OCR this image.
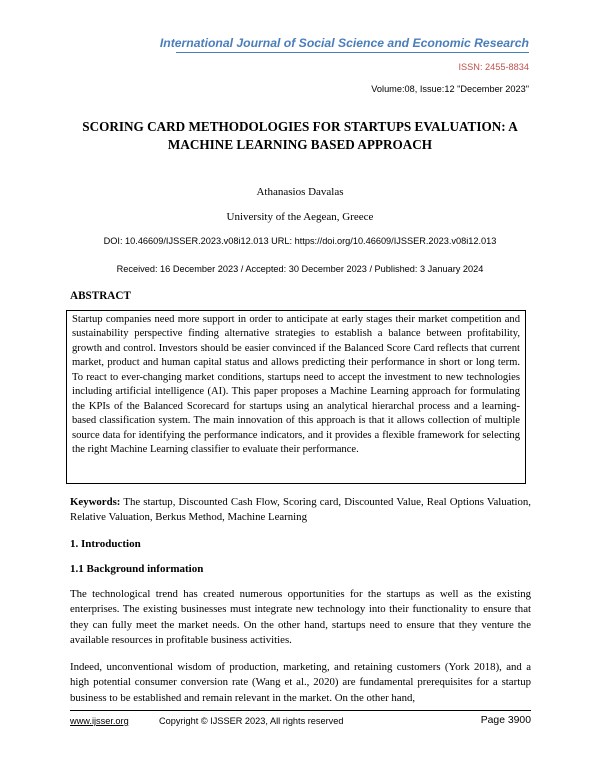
International Journal of Social Science and Economic Research
ISSN: 2455-8834
Volume:08, Issue:12 "December 2023"
SCORING CARD METHODOLOGIES FOR STARTUPS EVALUATION: A MACHINE LEARNING BASED APPROACH
Athanasios Davalas
University of the Aegean, Greece
DOI: 10.46609/IJSSER.2023.v08i12.013 URL: https://doi.org/10.46609/IJSSER.2023.v08i12.013
Received: 16 December 2023 / Accepted: 30 December 2023 / Published: 3 January 2024
ABSTRACT

Startup companies need more support in order to anticipate at early stages their market competition and sustainability perspective finding alternative strategies to establish a balance between profitability, growth and control. Investors should be easier convinced if the Balanced Score Card reflects that current market, product and human capital status and allows predicting their performance in short or long term. To react to ever-changing market conditions, startups need to accept the investment to new technologies including artificial intelligence (AI). This paper proposes a Machine Learning approach for formulating the KPIs of the Balanced Scorecard for startups using an analytical hierarchal process and a learning-based classification system. The main innovation of this approach is that it allows collection of multiple source data for identifying the performance indicators, and it provides a flexible framework for selecting the right Machine Learning classifier to evaluate their performance.

Keywords: The startup, Discounted Cash Flow, Scoring card, Discounted Value, Real Options Valuation, Relative Valuation, Berkus Method, Machine Learning

1. Introduction
1.1 Background information

The technological trend has created numerous opportunities for the startups as well as the existing enterprises. The existing businesses must integrate new technology into their functionality to ensure that they can fully meet the market needs. On the other hand, startups need to ensure that they venture the available resources in profitable business activities.

Indeed, unconventional wisdom of production, marketing, and retaining customers (York 2018), and a high potential consumer conversion rate (Wang et al., 2020) are fundamental prerequisites for a startup business to be established and remain relevant in the market. On the other hand,

www.ijsser.org	Copyright © IJSSER 2023, All rights reserved	Page 3900
